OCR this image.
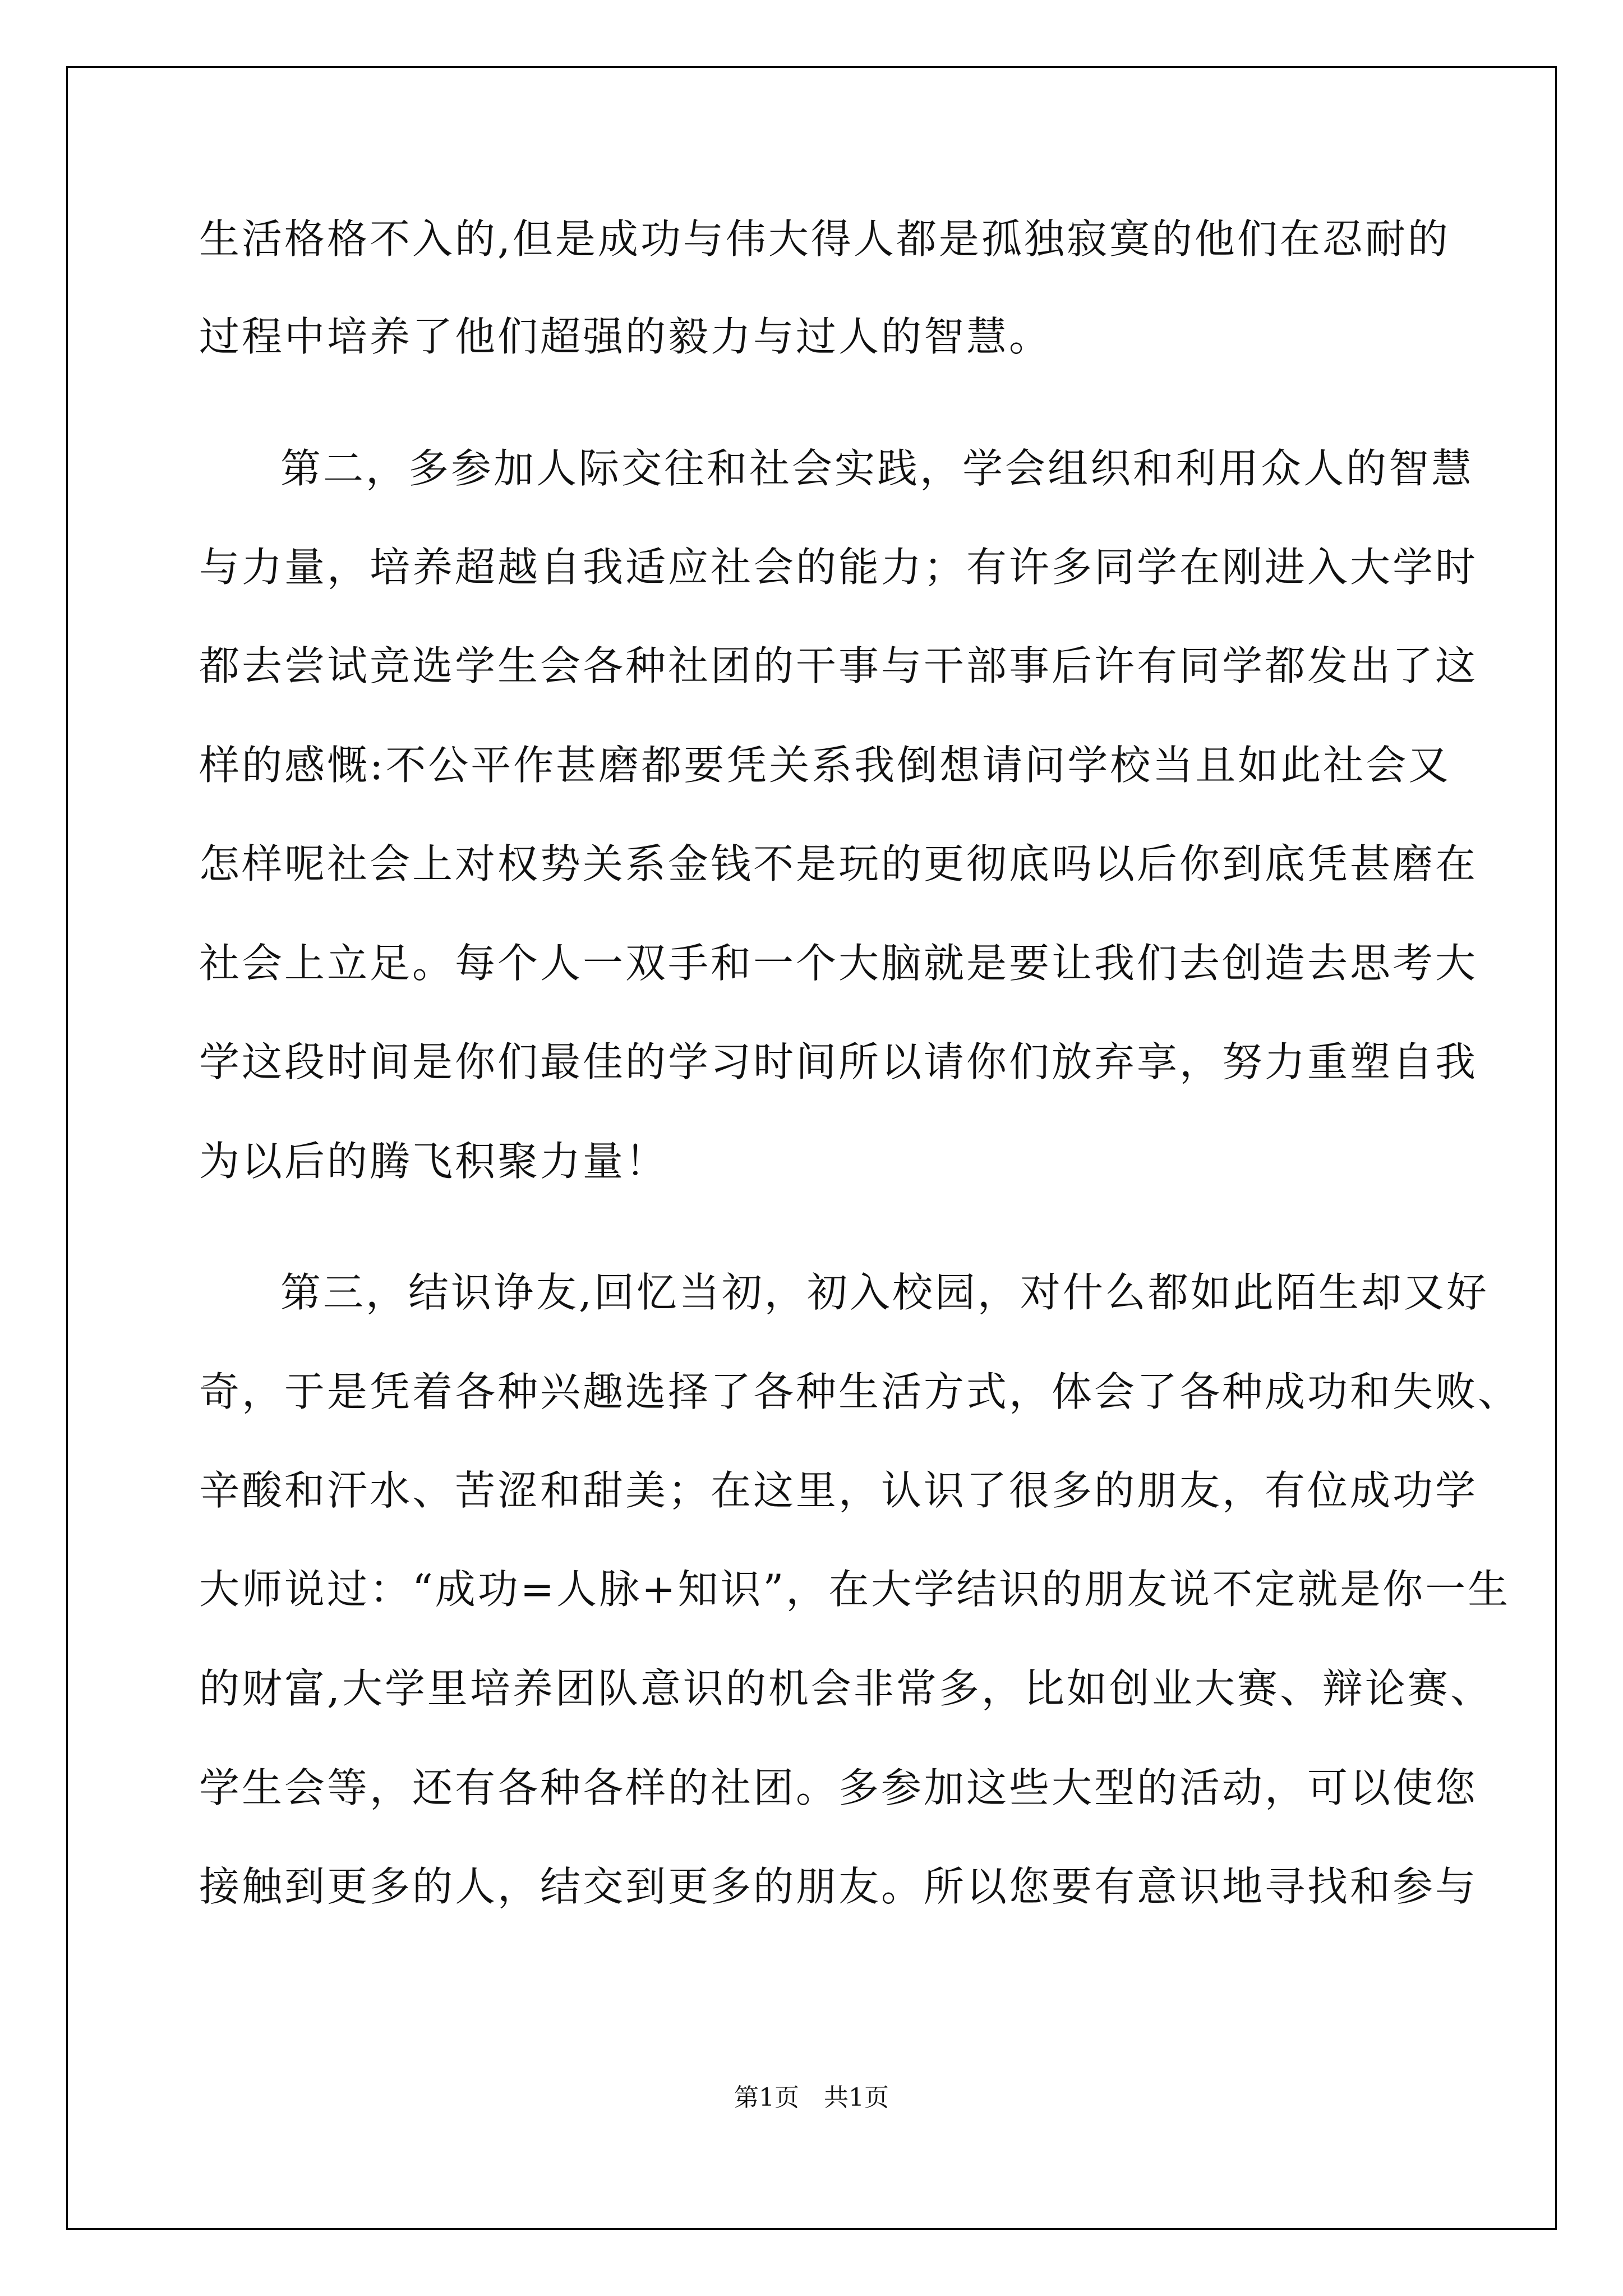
生活格格不入的,但是成功与伟大得人都是孤独寂寞的他们在忍耐的
过程中培养了他们超强的毅力与过人的智慧。
第二，多参加人际交往和社会实践，学会组织和利用众人的智慧
与力量，培养超越自我适应社会的能力；有许多同学在刚进入大学时
都去尝试竞选学生会各种社团的干事与干部事后许有同学都发出了这
样的感慨:不公平作甚磨都要凭关系我倒想请问学校当且如此社会又
怎样呢社会上对权势关系金钱不是玩的更彻底吗以后你到底凭甚磨在
社会上立足。每个人一双手和一个大脑就是要让我们去创造去思考大
学这段时间是你们最佳的学习时间所以请你们放弃享，努力重塑自我
为以后的腾飞积聚力量！
第三，结识诤友,回忆当初，初入校园，对什么都如此陌生却又好
奇，于是凭着各种兴趣选择了各种生活方式，体会了各种成功和失败、
辛酸和汗水、苦涩和甜美；在这里，认识了很多的朋友，有位成功学
大师说过：“成功=人脉+知识”，在大学结识的朋友说不定就是你一生
的财富,大学里培养团队意识的机会非常多，比如创业大赛、辩论赛、
学生会等，还有各种各样的社团。多参加这些大型的活动，可以使您
接触到更多的人，结交到更多的朋友。所以您要有意识地寻找和参与
第1页　共1页
